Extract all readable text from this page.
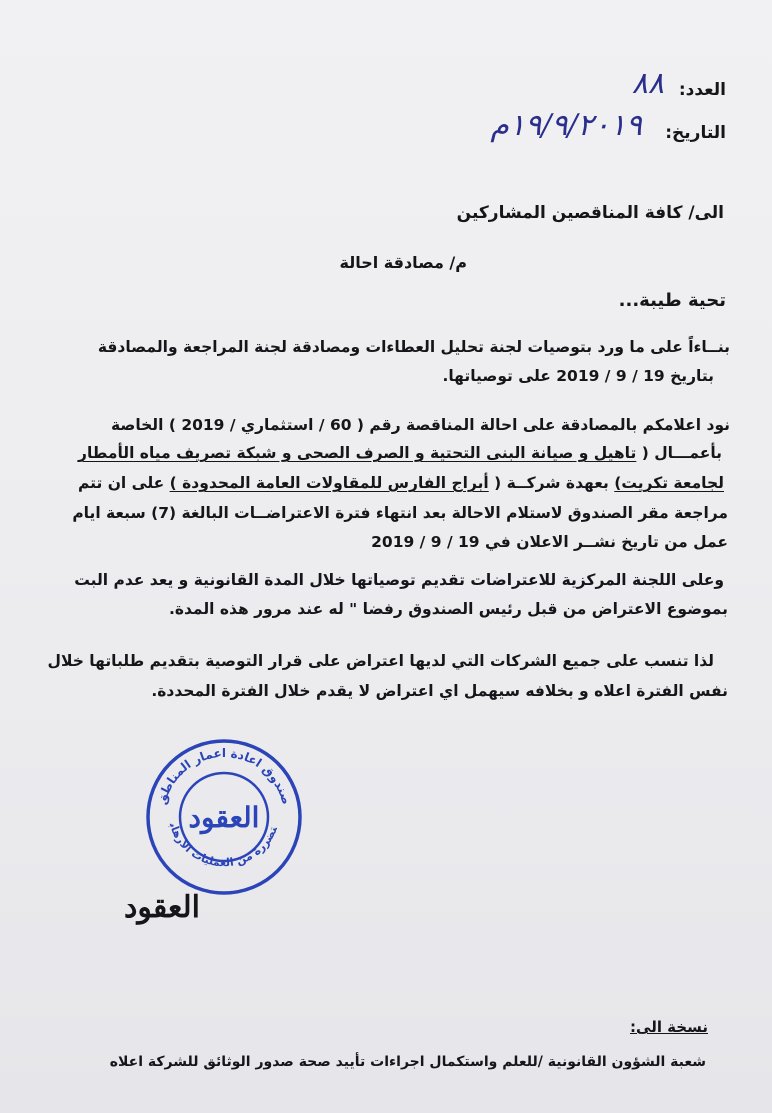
العدد:
٨٨
التاريخ:
١٩/٩/٢٠١٩م
الى/ كافة المناقصين المشاركين
م/ مصادقة احالة
تحية طيبة...
بنــاءاً على ما ورد بتوصيات لجنة تحليل العطاءات ومصادقة لجنة المراجعة والمصادقة
بتاريخ 19 / 9 / 2019 على توصياتها.
نود اعلامكم بالمصادقة على احالة المناقصة رقم ( 60 / استثماري / 2019 ) الخاصة
بأعمـــال ( تاهيل و صيانة البنى التحتية و الصرف الصحى و شبكة تصريف مياه الأمطار
لجامعة تكريت) بعهدة شركــة ( أبراج الفارس للمقاولات العامة المحدودة ) على ان تتم
مراجعة مقر الصندوق لاستلام الاحالة بعد انتهاء فترة الاعتراضــات البالغة (7) سبعة ايام
عمل من تاريخ نشــر الاعلان في 19 / 9 / 2019
وعلى اللجنة المركزية للاعتراضات تقديم توصياتها خلال المدة القانونية و يعد عدم البت
بموضوع الاعتراض من قبل رئيس الصندوق رفضا " له عند مرور هذه المدة.
لذا تنسب على جميع الشركات التي لديها اعتراض على قرار التوصية بتقديم طلباتها خلال
نفس الفترة اعلاه و بخلافه سيهمل اي اعتراض لا يقدم خلال الفترة المحددة.
صندوق اعادة اعمار المناطق
تضررة من العمليات الارهابية
العقود
العقود
نسخة الى:
شعبة الشؤون القانونية /للعلم واستكمال اجراءات تأييد صحة صدور الوثائق للشركة اعلاه
